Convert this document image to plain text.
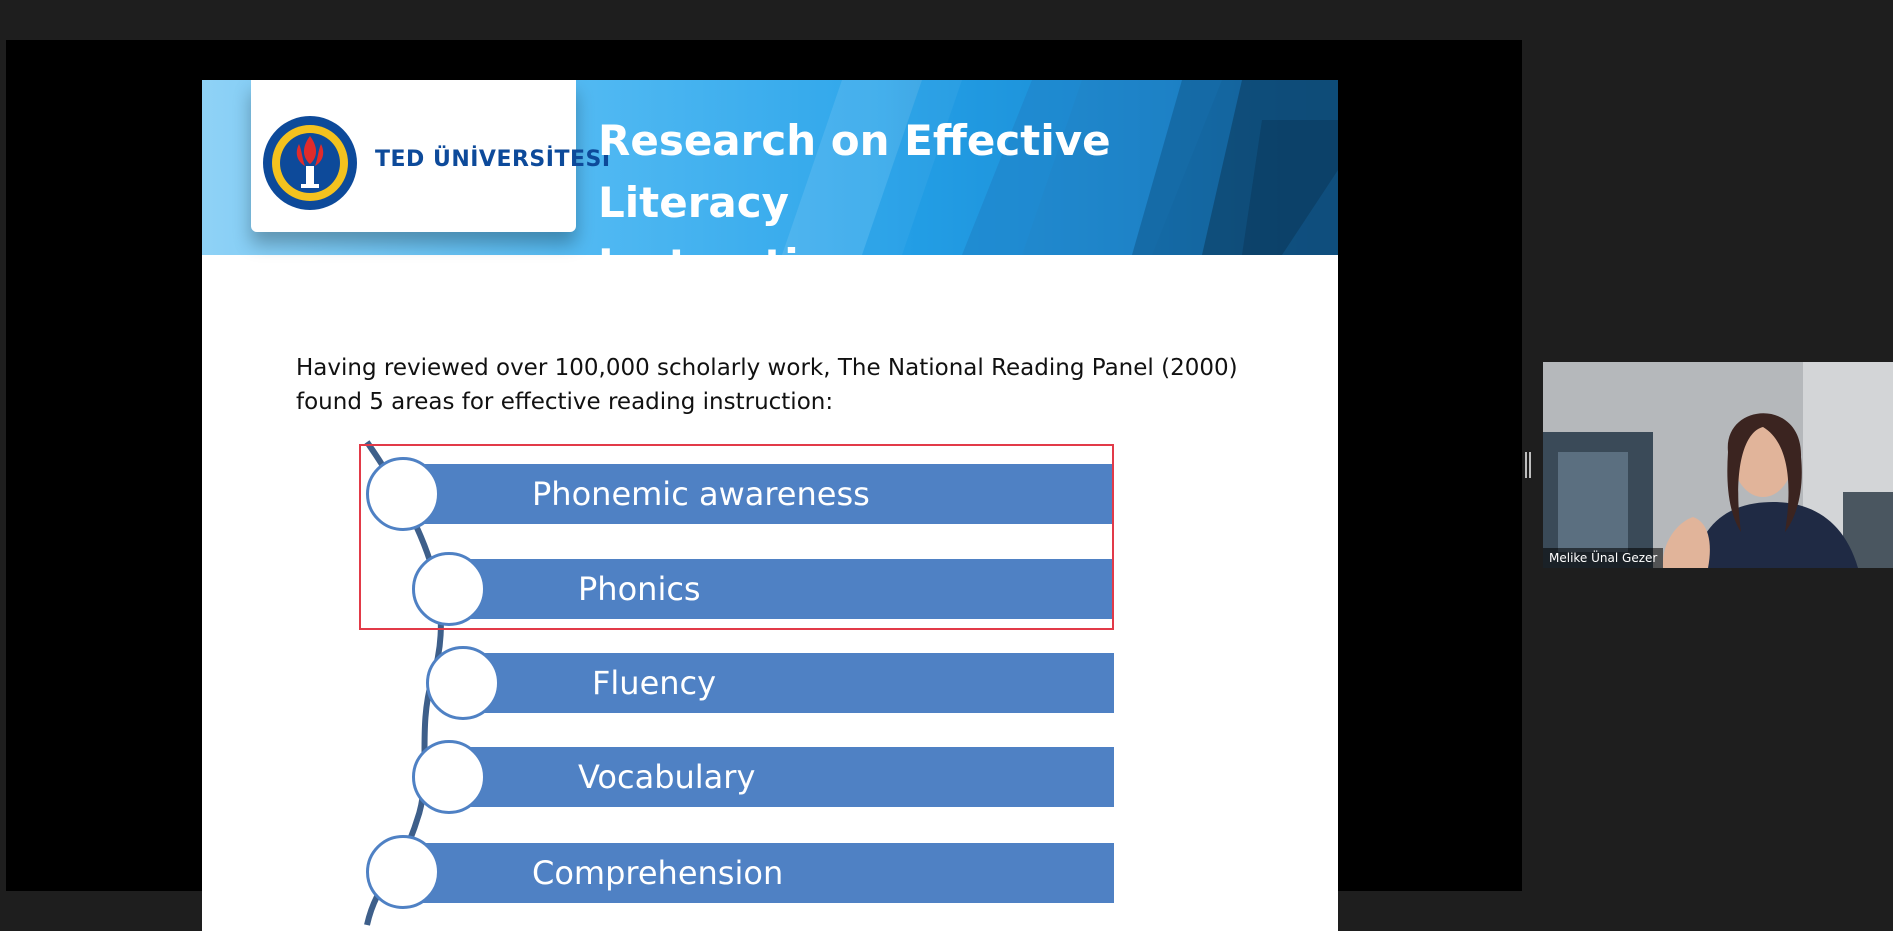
TED ÜNİVERSİTESİ
Research on Effective Literacy
Instruction

Having reviewed over 100,000 scholarly work, The National Reading Panel (2000)
found 5 areas for effective reading instruction:

Phonemic awareness
Phonics
Fluency
Vocabulary
Comprehension
Melike Ünal Gezer
